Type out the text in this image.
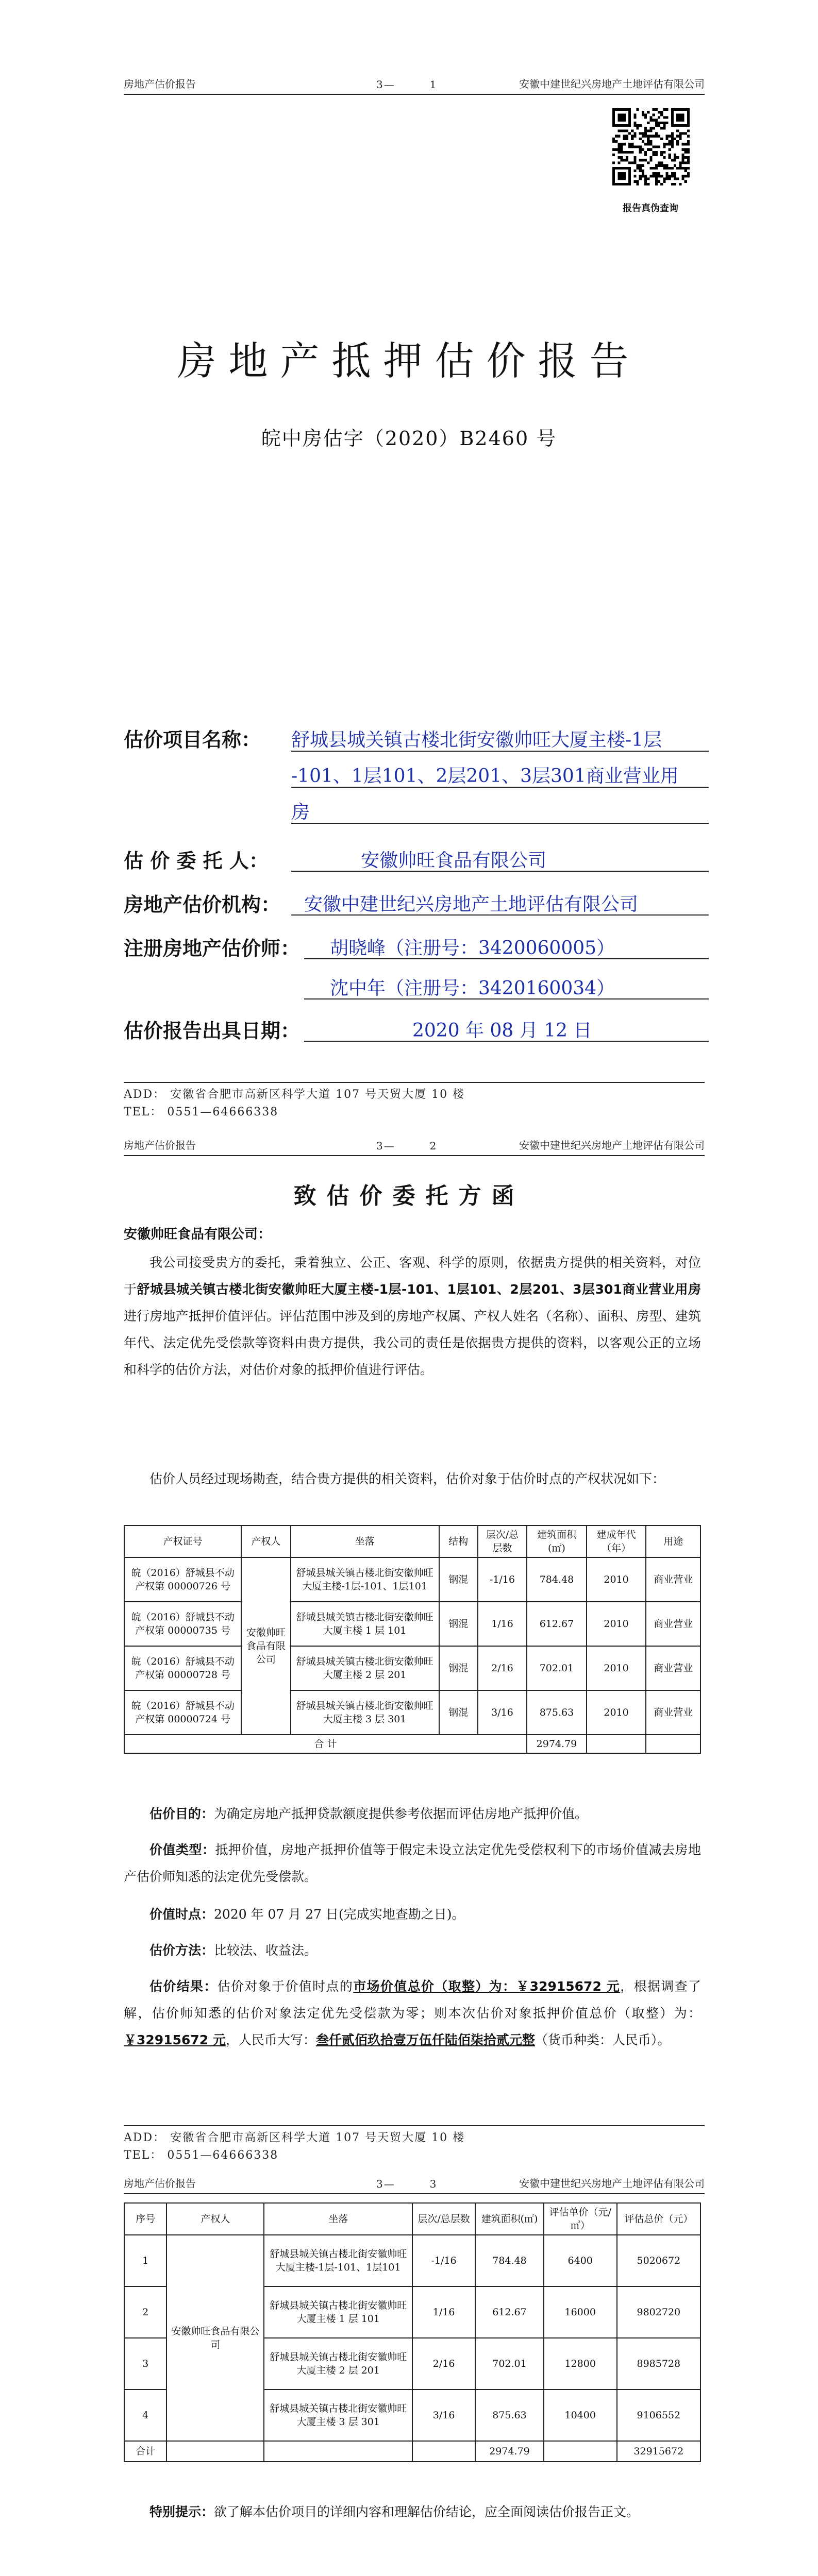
房地产估价报告	3—	1	安徽中建世纪兴房地产土地评估有限公司
报告真伪查询
房地产抵押估价报告
皖中房估字（2020）B2460 号
估价项目名称： 舒城县城关镇古楼北街安徽帅旺大厦主楼-1层
-101、1层101、2层201、3层301商业营业用
房
估 价 委 托 人：	安徽帅旺食品有限公司
房地产估价机构： 安徽中建世纪兴房地产土地评估有限公司
注册房地产估价师： 胡晓峰（注册号：3420060005）
沈中年（注册号：3420160034）
估价报告出具日期：	2020 年 08 月 12 日
ADD： 安徽省合肥市高新区科学大道 107 号天贸大厦 10 楼
TEL： 0551—64666338
房地产估价报告	3—	2	安徽中建世纪兴房地产土地评估有限公司
致估价委托方函
安徽帅旺食品有限公司：
我公司接受贵方的委托，秉着独立、公正、客观、科学的原则，依据贵方提供的相关资料，对位于舒城县城关镇古楼北街安徽帅旺大厦主楼-1层-101、1层101、2层201、3层301商业营业用房进行房地产抵押价值评估。评估范围中涉及到的房地产权属、产权人姓名（名称）、面积、房型、建筑年代、法定优先受偿款等资料由贵方提供，我公司的责任是依据贵方提供的资料，以客观公正的立场和科学的估价方法，对估价对象的抵押价值进行评估。
估价人员经过现场勘查，结合贵方提供的相关资料，估价对象于估价时点的产权状况如下：
产权证号	产权人	坐落	结构	层次/总层数	建筑面积(㎡)	建成年代（年）	用途
皖（2016）舒城县不动产权第 00000726 号	安徽帅旺食品有限公司	舒城县城关镇古楼北街安徽帅旺大厦主楼-1层-101、1层101	钢混	-1/16	784.48	2010	商业营业
皖（2016）舒城县不动产权第 00000735 号		舒城县城关镇古楼北街安徽帅旺大厦主楼 1 层 101	钢混	1/16	612.67	2010	商业营业
皖（2016）舒城县不动产权第 00000728 号		舒城县城关镇古楼北街安徽帅旺大厦主楼 2 层 201	钢混	2/16	702.01	2010	商业营业
皖（2016）舒城县不动产权第 00000724 号		舒城县城关镇古楼北街安徽帅旺大厦主楼 3 层 301	钢混	3/16	875.63	2010	商业营业
合 计					2974.79		
估价目的：为确定房地产抵押贷款额度提供参考依据而评估房地产抵押价值。
价值类型：抵押价值，房地产抵押价值等于假定未设立法定优先受偿权利下的市场价值减去房地产估价师知悉的法定优先受偿款。
价值时点：2020 年 07 月 27 日(完成实地查勘之日)。
估价方法：比较法、收益法。
估价结果：估价对象于价值时点的市场价值总价（取整）为：￥32915672 元，根据调查了解，估价师知悉的估价对象法定优先受偿款为零；则本次估价对象抵押价值总价（取整）为：￥32915672 元，人民币大写：叁仟贰佰玖拾壹万伍仟陆佰柒拾贰元整（货币种类：人民币）。
ADD： 安徽省合肥市高新区科学大道 107 号天贸大厦 10 楼
TEL： 0551—64666338
房地产估价报告	3—	3	安徽中建世纪兴房地产土地评估有限公司
序号	产权人	坐落	层次/总层数	建筑面积(㎡)	评估单价（元/㎡）	评估总价（元）
1	安徽帅旺食品有限公司	舒城县城关镇古楼北街安徽帅旺大厦主楼-1层-101、1层101	-1/16	784.48	6400	5020672
2		舒城县城关镇古楼北街安徽帅旺大厦主楼 1 层 101	1/16	612.67	16000	9802720
3		舒城县城关镇古楼北街安徽帅旺大厦主楼 2 层 201	2/16	702.01	12800	8985728
4		舒城县城关镇古楼北街安徽帅旺大厦主楼 3 层 301	3/16	875.63	10400	9106552
合计				2974.79		32915672
特别提示：欲了解本估价项目的详细内容和理解估价结论，应全面阅读估价报告正文。
